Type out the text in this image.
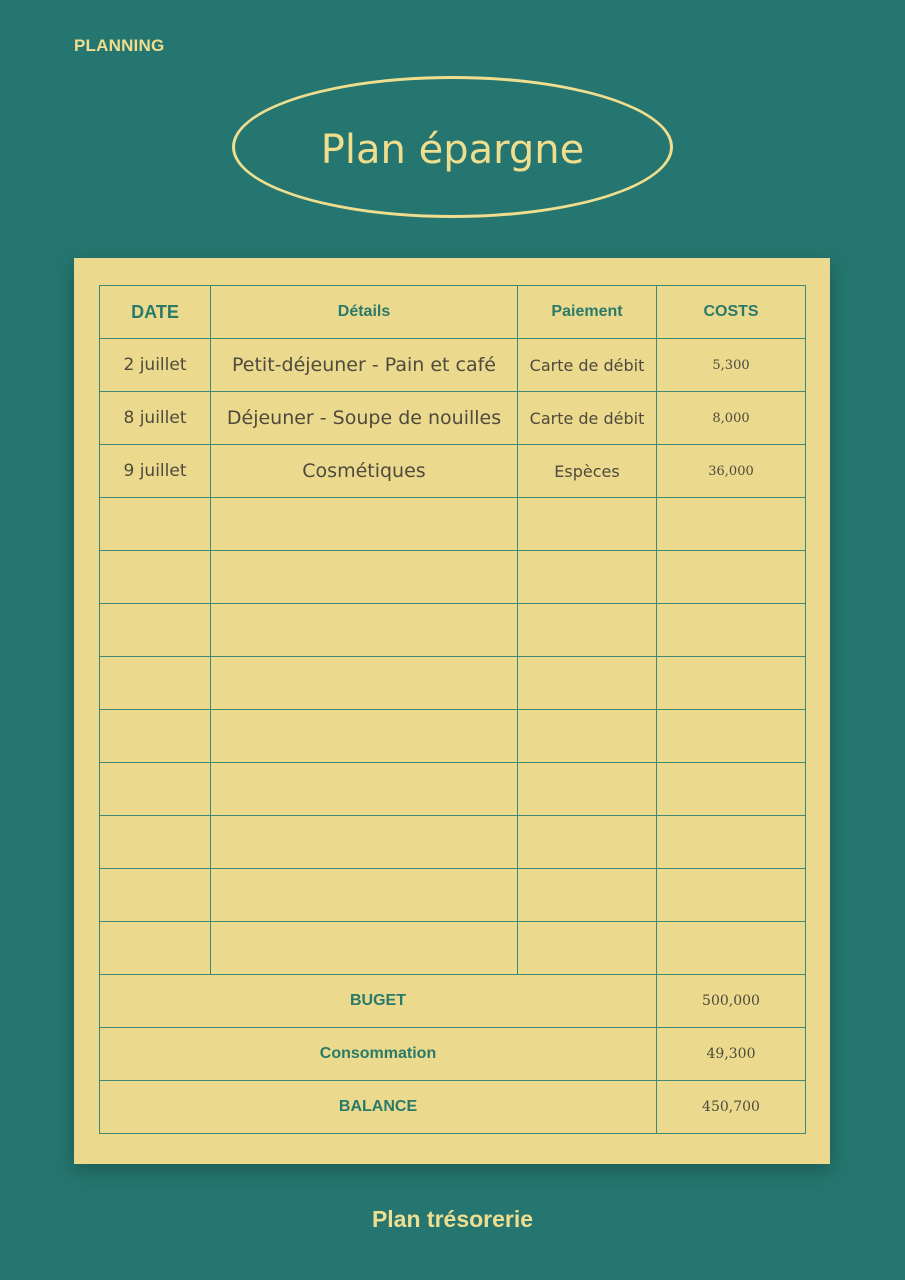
PLANNING
Plan épargne
DATE	Détails	Paiement	COSTS
2 juillet	Petit-déjeuner - Pain et café	Carte de débit	5,300
8 juillet	Déjeuner - Soupe de nouilles	Carte de débit	8,000
9 juillet	Cosmétiques	Espèces	36,000

BUGET			500,000
Consommation			49,300
BALANCE			450,700
Plan trésorerie
